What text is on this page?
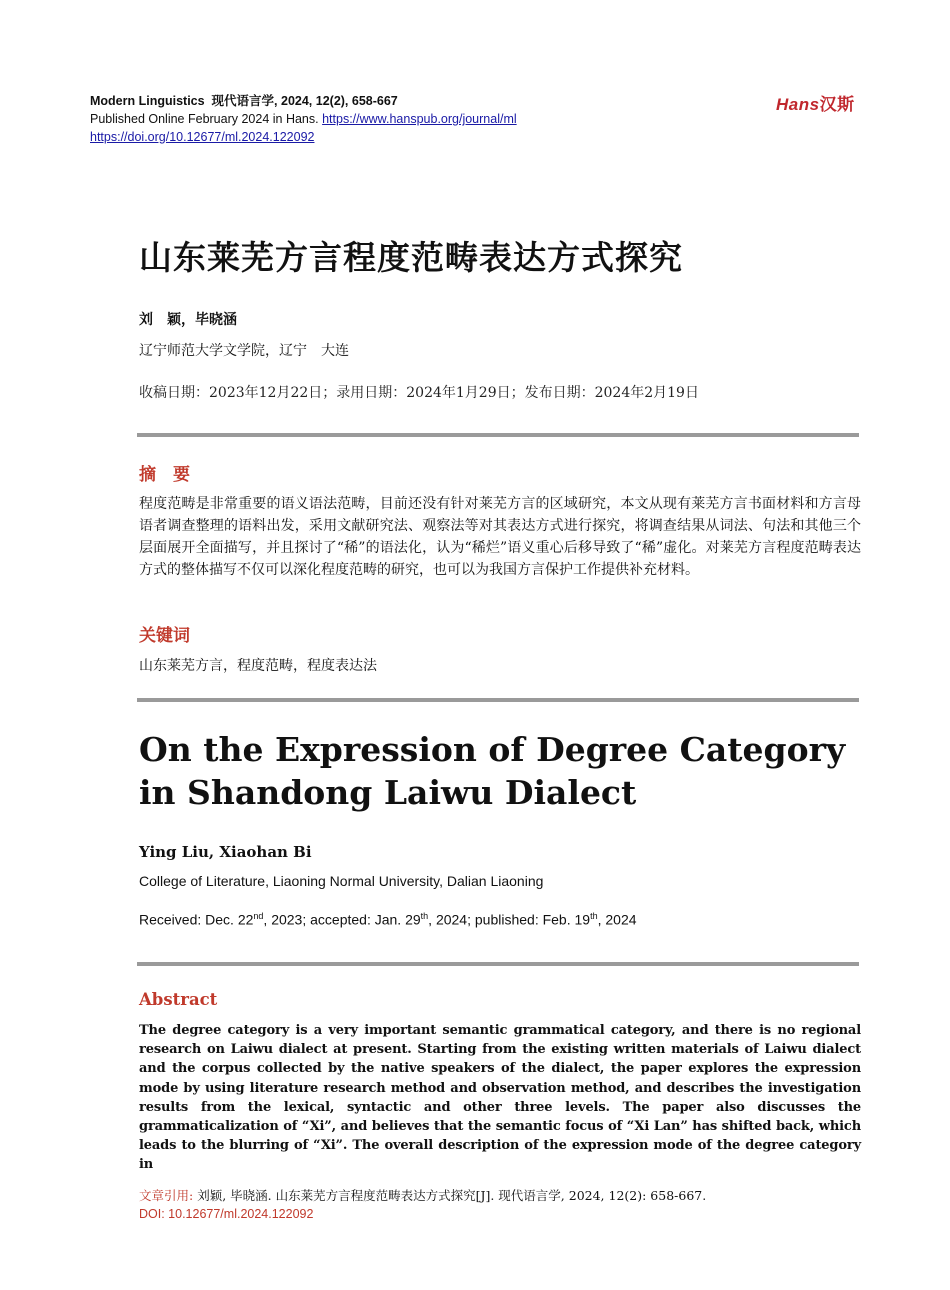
Modern Linguistics 现代语言学, 2024, 12(2), 658-667
Published Online February 2024 in Hans. https://www.hanspub.org/journal/ml
https://doi.org/10.12677/ml.2024.122092
Hans汉斯
山东莱芜方言程度范畴表达方式探究
刘　颖，毕晓涵
辽宁师范大学文学院，辽宁　大连
收稿日期：2023年12月22日；录用日期：2024年1月29日；发布日期：2024年2月19日
摘　要
程度范畴是非常重要的语义语法范畴，目前还没有针对莱芜方言的区域研究，本文从现有莱芜方言书面材料和方言母语者调查整理的语料出发，采用文献研究法、观察法等对其表达方式进行探究，将调查结果从词法、句法和其他三个层面展开全面描写，并且探讨了“稀”的语法化，认为“稀烂”语义重心后移导致了“稀”虚化。对莱芜方言程度范畴表达方式的整体描写不仅可以深化程度范畴的研究，也可以为我国方言保护工作提供补充材料。
关键词
山东莱芜方言，程度范畴，程度表达法
On the Expression of Degree Category in Shandong Laiwu Dialect
Ying Liu, Xiaohan Bi
College of Literature, Liaoning Normal University, Dalian Liaoning
Received: Dec. 22nd, 2023; accepted: Jan. 29th, 2024; published: Feb. 19th, 2024
Abstract
The degree category is a very important semantic grammatical category, and there is no regional research on Laiwu dialect at present. Starting from the existing written materials of Laiwu dialect and the corpus collected by the native speakers of the dialect, the paper explores the expression mode by using literature research method and observation method, and describes the investigation results from the lexical, syntactic and other three levels. The paper also discusses the grammaticalization of “Xi”, and believes that the semantic focus of “Xi Lan” has shifted back, which leads to the blurring of “Xi”. The overall description of the expression mode of the degree category in
文章引用: 刘颖, 毕晓涵. 山东莱芜方言程度范畴表达方式探究[J]. 现代语言学, 2024, 12(2): 658-667.
DOI: 10.12677/ml.2024.122092
